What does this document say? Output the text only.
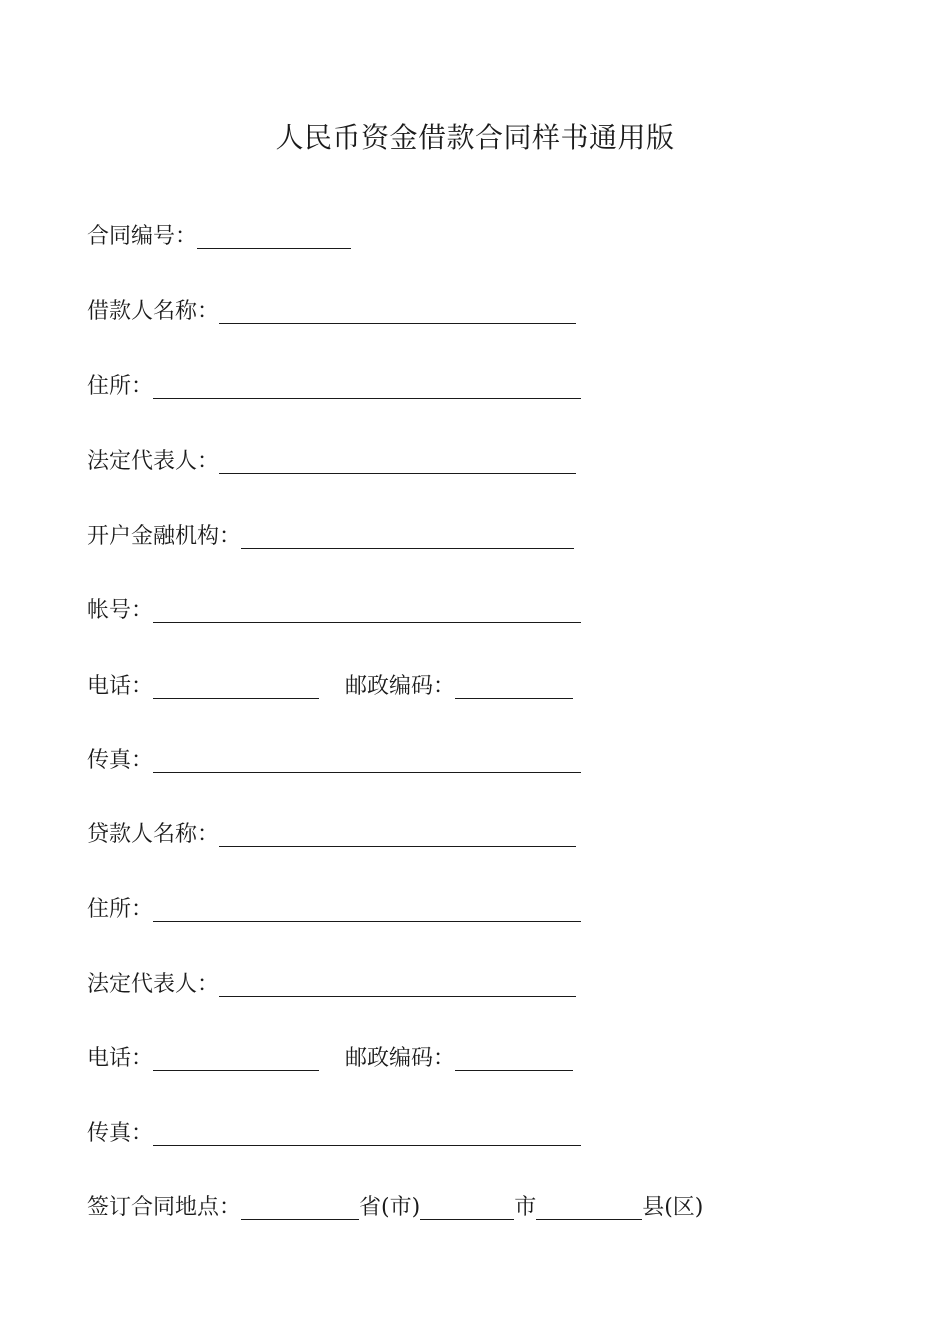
人民币资金借款合同样书通用版
合同编号：
借款人名称：
住所：
法定代表人：
开户金融机构：
帐号：
电话：	邮政编码：
传真：
贷款人名称：
住所：
法定代表人：
电话：	邮政编码：
传真：
签订合同地点：	省(市)	市	县(区)
